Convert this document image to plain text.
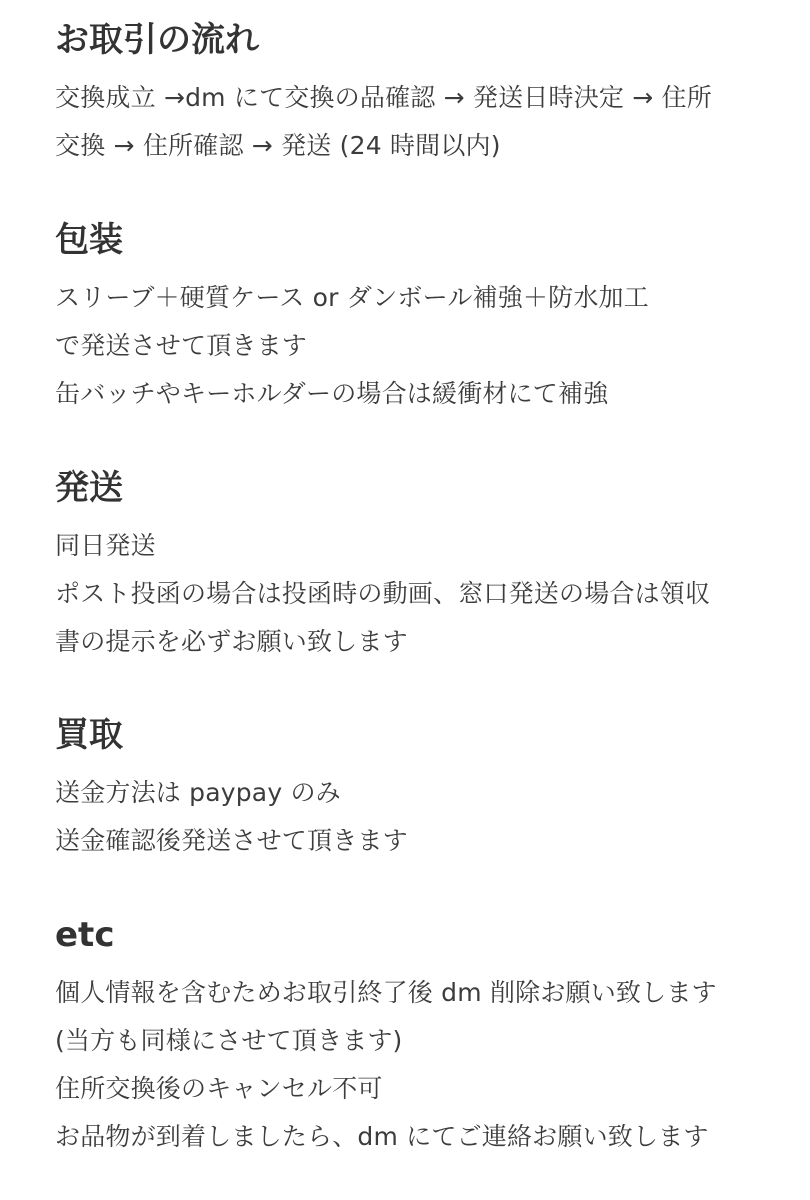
お取引の流れ
交換成立 →dm にて交換の品確認 → 発送日時決定 → 住所
交換 → 住所確認 → 発送 (24 時間以内)
包装
スリーブ＋硬質ケース or ダンボール補強＋防水加工
で発送させて頂きます
缶バッチやキーホルダーの場合は緩衝材にて補強
発送
同日発送
ポスト投函の場合は投函時の動画、窓口発送の場合は領収
書の提示を必ずお願い致します
買取
送金方法は paypay のみ
送金確認後発送させて頂きます
etc
個人情報を含むためお取引終了後 dm 削除お願い致します
(当方も同様にさせて頂きます)
住所交換後のキャンセル不可
お品物が到着しましたら、dm にてご連絡お願い致します
